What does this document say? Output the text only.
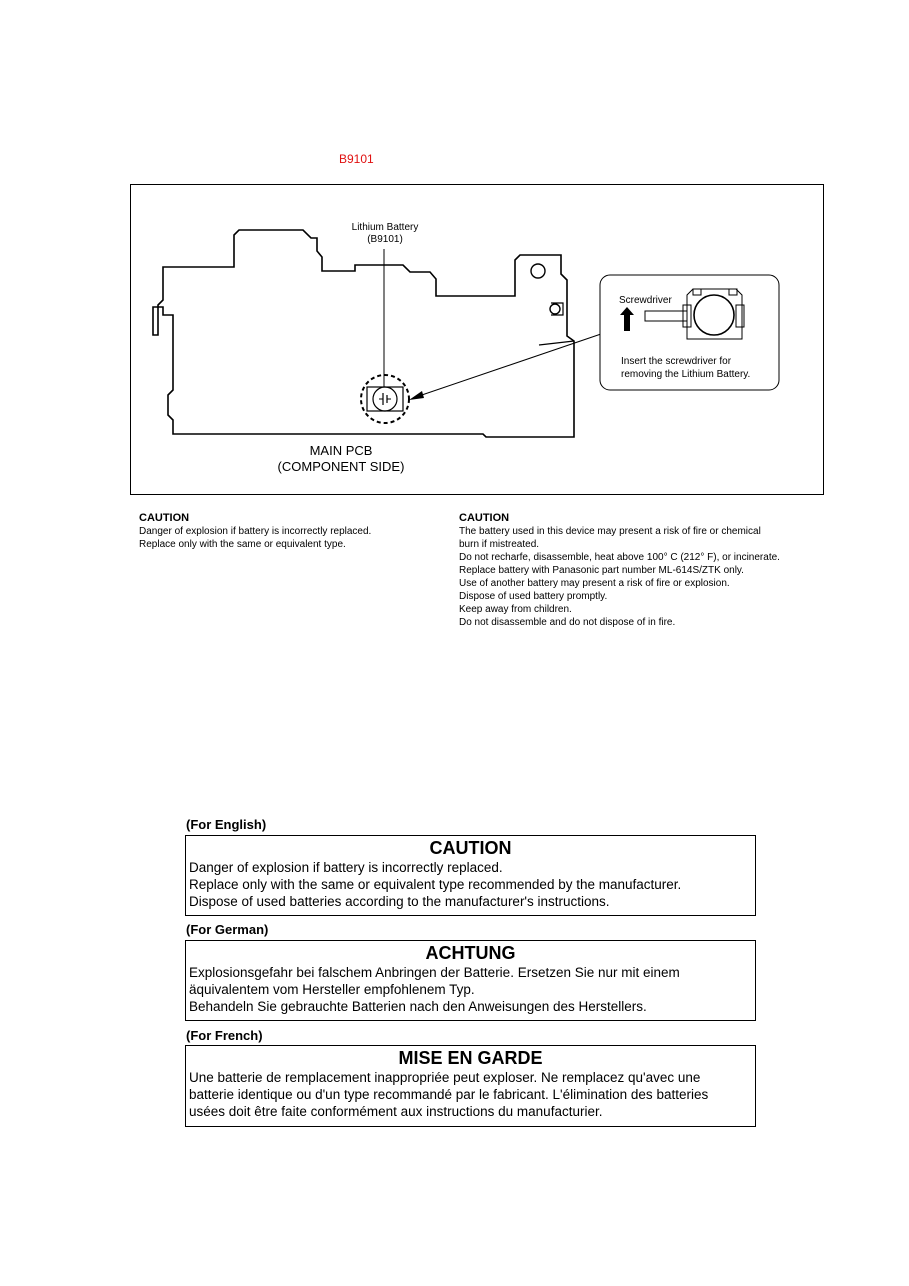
B9101
Lithium Battery
(B9101)
MAIN PCB
(COMPONENT SIDE)
Screwdriver
Insert the screwdriver for
removing the Lithium Battery.
CAUTION
Danger of explosion if battery is incorrectly replaced.
Replace only with the same or equivalent type.
CAUTION
The battery used in this device may present a risk of fire or chemical
burn if mistreated.
Do not recharfe, disassemble, heat above 100° C (212° F), or incinerate.
Replace battery with Panasonic part number ML-614S/ZTK only.
Use of another battery may present a risk of fire or explosion.
Dispose of used battery promptly.
Keep away from children.
Do not disassemble and do not dispose of in fire.
(For English)
CAUTION
Danger of explosion if battery is incorrectly replaced.
Replace only with the same or equivalent type recommended by the manufacturer.
Dispose of used batteries according to the manufacturer's instructions.
(For German)
ACHTUNG
Explosionsgefahr bei falschem Anbringen der Batterie. Ersetzen Sie nur mit einem
äquivalentem vom Hersteller empfohlenem Typ.
Behandeln Sie gebrauchte Batterien nach den Anweisungen des Herstellers.
(For French)
MISE EN GARDE
Une batterie de remplacement inappropriée peut exploser. Ne remplacez qu'avec une
batterie identique ou d'un type recommandé par le fabricant. L'élimination des batteries
usées doit être faite conformément aux instructions du manufacturier.
